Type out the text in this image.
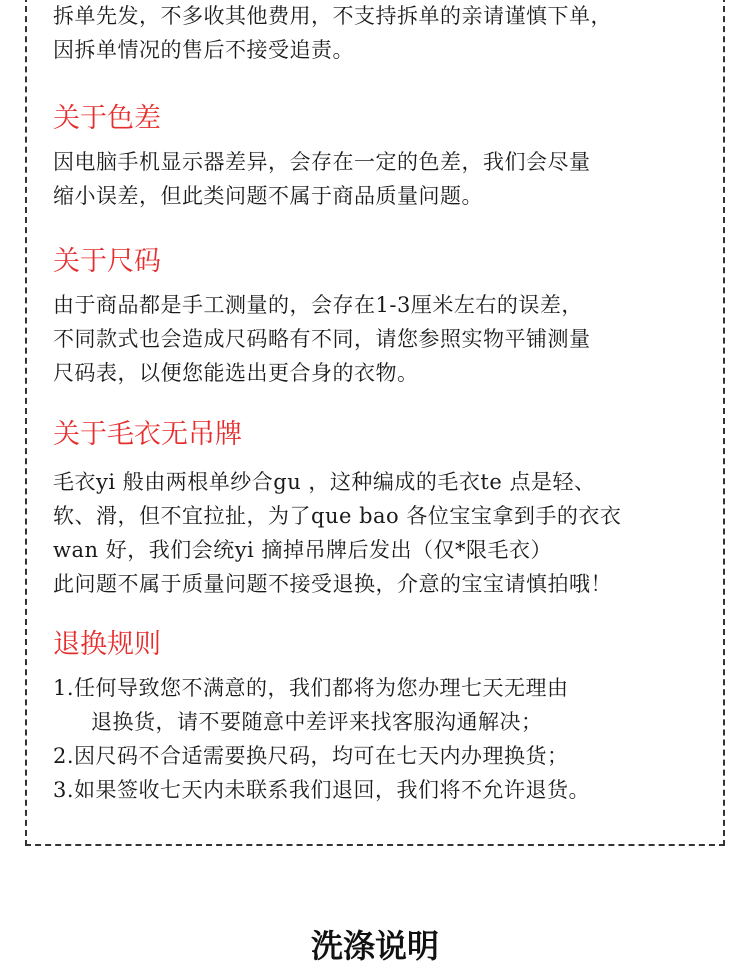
拆单先发，不多收其他费用，不支持拆单的亲请谨慎下单，

因拆单情况的售后不接受追责。

关于色差

因电脑手机显示器差异，会存在一定的色差，我们会尽量

缩小误差，但此类问题不属于商品质量问题。

关于尺码

由于商品都是手工测量的，会存在1-3厘米左右的误差，

不同款式也会造成尺码略有不同，请您参照实物平铺测量

尺码表，以便您能选出更合身的衣物。

关于毛衣无吊牌

毛衣yi 般由两根单纱合gu ，这种编成的毛衣te 点是轻、

软、滑，但不宜拉扯，为了que bao 各位宝宝拿到手的衣衣

wan 好，我们会统yi 摘掉吊牌后发出（仅*限毛衣）

此问题不属于质量问题不接受退换，介意的宝宝请慎拍哦！

退换规则

1.任何导致您不满意的，我们都将为您办理七天无理由

退换货，请不要随意中差评来找客服沟通解决；

2.因尺码不合适需要换尺码，均可在七天内办理换货；

3.如果签收七天内未联系我们退回，我们将不允许退货。

洗涤说明
